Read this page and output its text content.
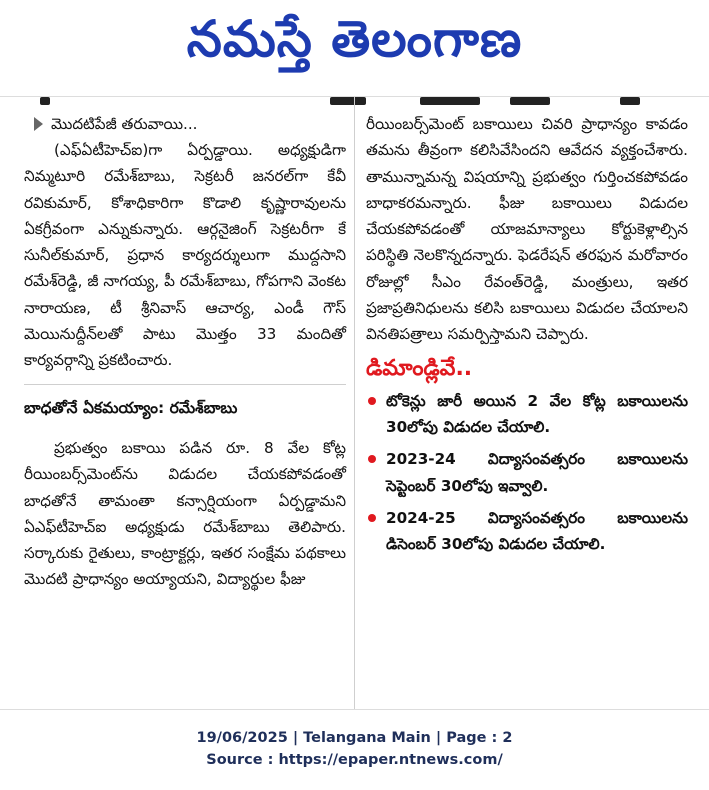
నమస్తే తెలంగాణ
మొదటిపేజీ తరువాయి...

(ఎఫ్ఏటీహెచ్ఐ)గా ఏర్పడ్డాయి. అధ్యక్షుడిగా నిమ్మటూరి రమేశ్‌బాబు, సెక్రటరీ జనరల్‌గా కేవీ రవికుమార్, కోశాధికారిగా కొడాలి కృష్ణారావులను ఏకగ్రీవంగా ఎన్నుకున్నారు. ఆర్గనైజింగ్ సెక్రటరీగా కే సునీల్‌కుమార్, ప్రధాన కార్యదర్శులుగా ముద్దసాని రమేశ్‌రెడ్డి, జీ నాగయ్య, పీ రమేశ్‌బాబు, గోపగాని వెంకట నారాయణ, టీ శ్రీనివాస్ ఆచార్య, ఎండీ గౌస్ మెయినుద్దీన్‌లతో పాటు మొత్తం 33 మందితో కార్యవర్గాన్ని ప్రకటించారు.

బాధతోనే ఏకమయ్యాం: రమేశ్‌బాబు

ప్రభుత్వం బకాయి పడిన రూ. 8 వేల కోట్ల రీయింబర్స్‌మెంట్‌ను విడుదల చేయకపోవడంతో బాధతోనే తామంతా కన్సార్షియంగా ఏర్పడ్డామని ఏఎఫ్‌టీహెచ్ఐ అధ్యక్షుడు రమేశ్‌బాబు తెలిపారు. సర్కారుకు రైతులు, కాంట్రాక్టర్లు, ఇతర సంక్షేమ పథకాలు మొదటి ప్రాధాన్యం అయ్యాయని, విద్యార్థుల ఫీజు

రీయింబర్స్‌మెంట్ బకాయిలు చివరి ప్రాధాన్యం కావడం తమను తీవ్రంగా కలిసివేసిందని ఆవేదన వ్యక్తంచేశారు. తామున్నామన్న విషయాన్ని ప్రభుత్వం గుర్తించకపోవడం బాధాకరమన్నారు. ఫీజు బకాయిలు విడుదల చేయకపోవడంతో యాజమాన్యాలు కోర్టుకెళ్లాల్సిన పరిస్థితి నెలకొన్నదన్నారు. ఫెడరేషన్ తరఫున మరోవారం రోజుల్లో సీఎం రేవంత్‌రెడ్డి, మంత్రులు, ఇతర ప్రజాప్రతినిధులను కలిసి బకాయిలు విడుదల చేయాలని వినతిపత్రాలు సమర్పిస్తామని చెప్పారు.

డిమాండ్లివే..
టోకెన్లు జారీ అయిన 2 వేల కోట్ల బకాయిలను 30లోపు విడుదల చేయాలి.
2023-24 విద్యాసంవత్సరం బకాయిలను సెప్టెంబర్ 30లోపు ఇవ్వాలి.
2024-25 విద్యాసంవత్సరం బకాయిలను డిసెంబర్ 30లోపు విడుదల చేయాలి.
19/06/2025 | Telangana Main | Page : 2
Source : https://epaper.ntnews.com/
